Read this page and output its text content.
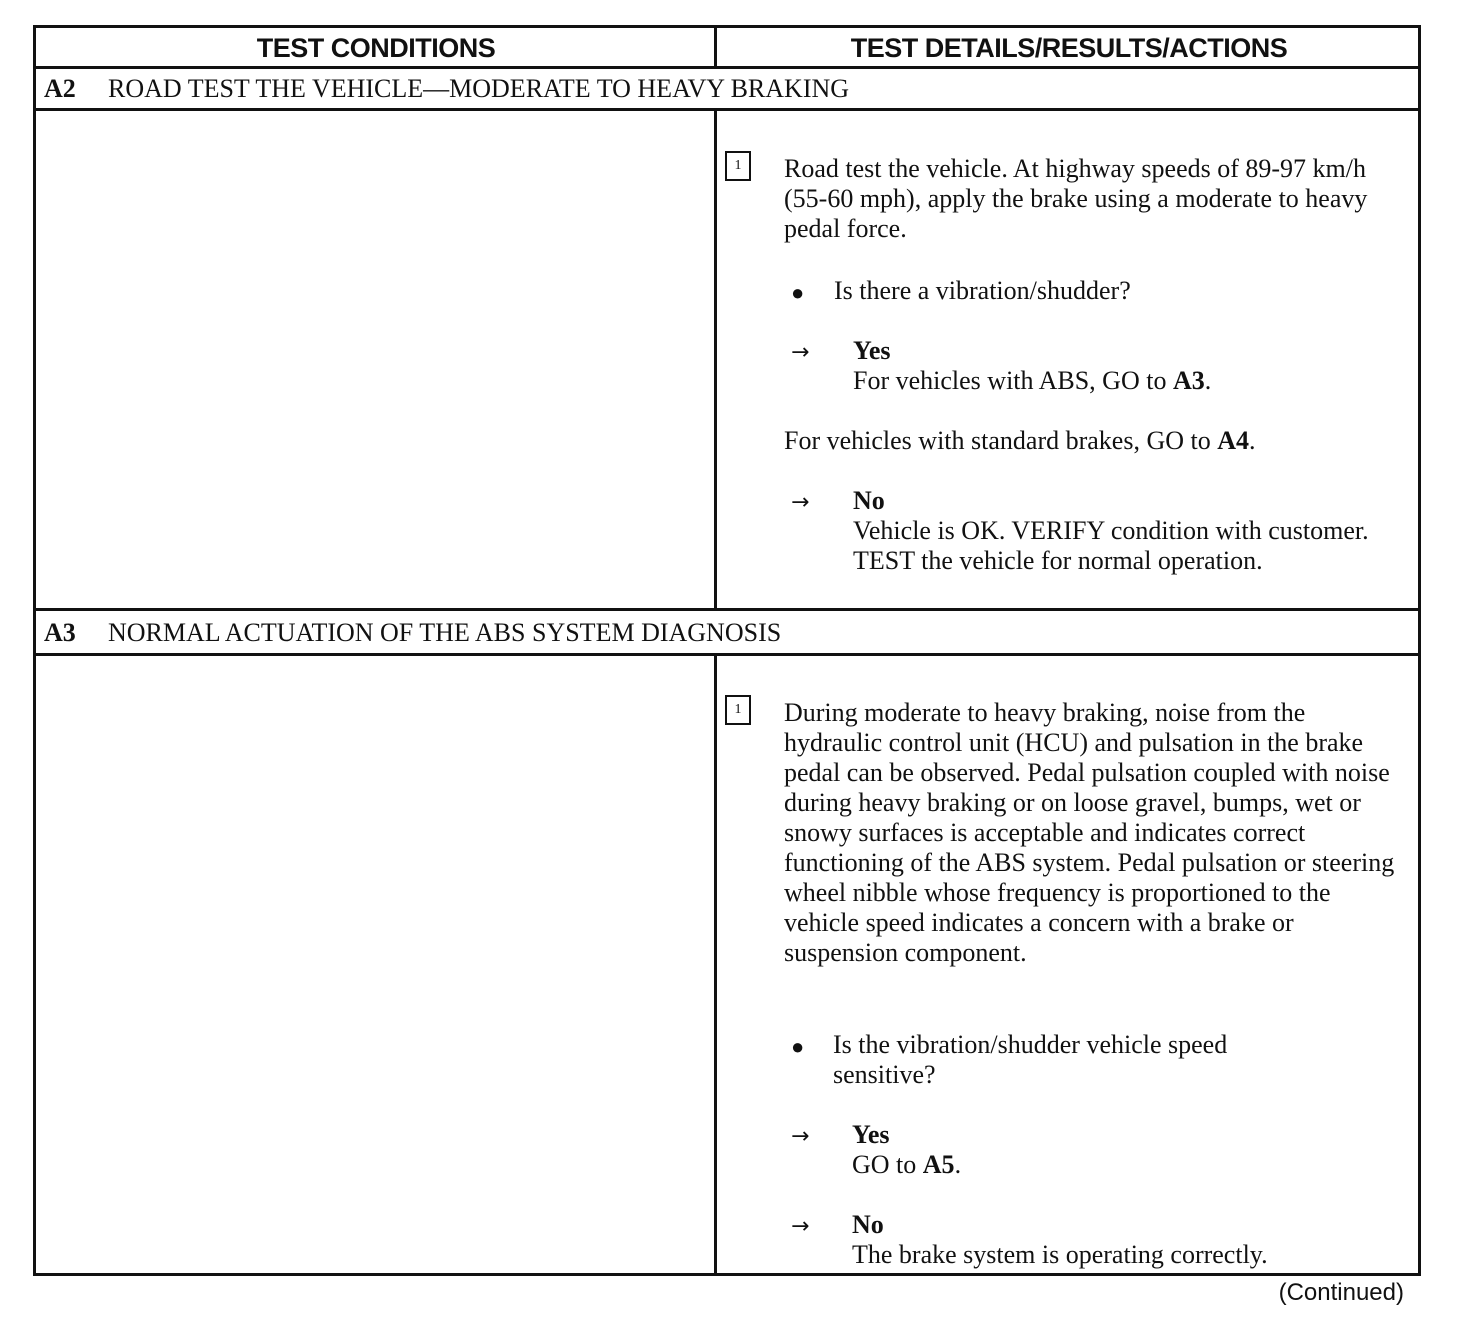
TEST CONDITIONS	TEST DETAILS/RESULTS/ACTIONS
A2 ROAD TEST THE VEHICLE—MODERATE TO HEAVY BRAKING
1	Road test the vehicle. At highway speeds of 89-97 km/h (55-60 mph), apply the brake using a moderate to heavy pedal force.
● Is there a vibration/shudder?
→ Yes
For vehicles with ABS, GO to A3.
For vehicles with standard brakes, GO to A4.
→ No
Vehicle is OK. VERIFY condition with customer. TEST the vehicle for normal operation.
A3 NORMAL ACTUATION OF THE ABS SYSTEM DIAGNOSIS
1	During moderate to heavy braking, noise from the hydraulic control unit (HCU) and pulsation in the brake pedal can be observed. Pedal pulsation coupled with noise during heavy braking or on loose gravel, bumps, wet or snowy surfaces is acceptable and indicates correct functioning of the ABS system. Pedal pulsation or steering wheel nibble whose frequency is proportioned to the vehicle speed indicates a concern with a brake or suspension component.
● Is the vibration/shudder vehicle speed sensitive?
→ Yes
GO to A5.
→ No
The brake system is operating correctly.
(Continued)
